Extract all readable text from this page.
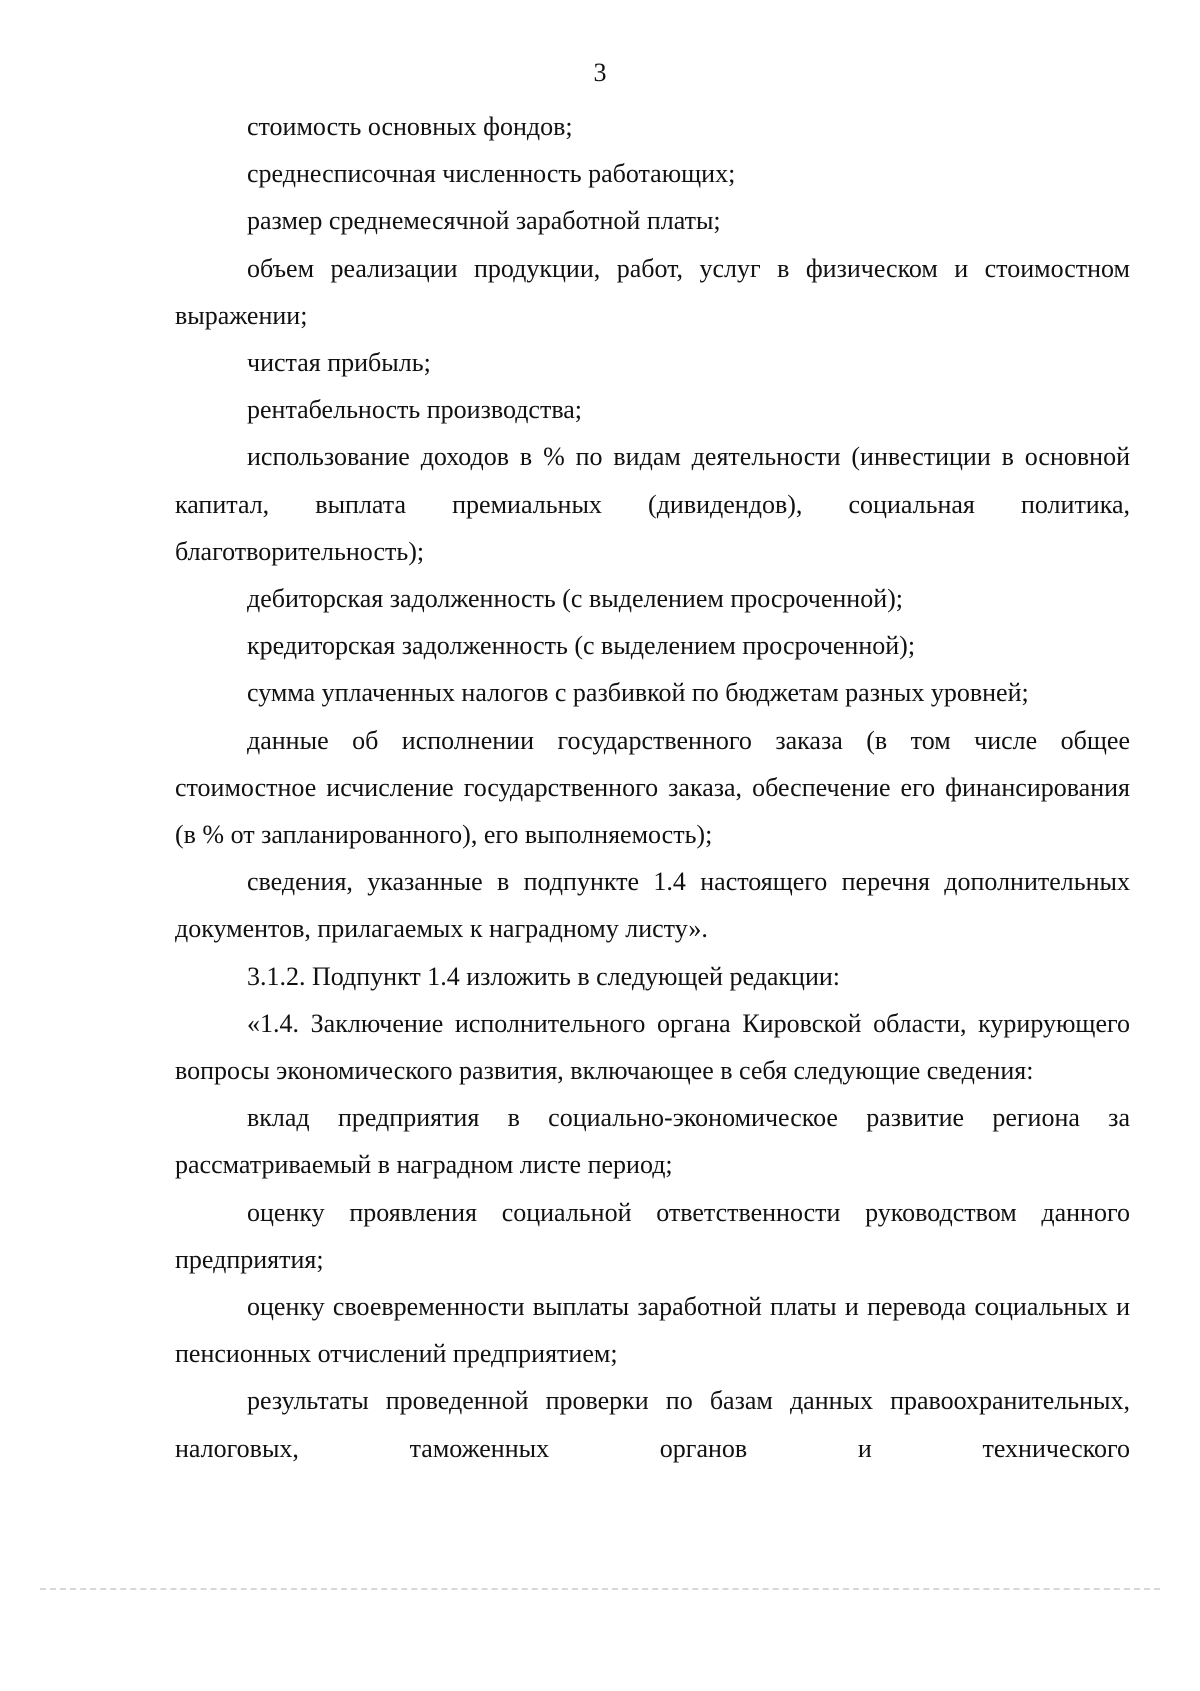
3

стоимость основных фондов;

среднесписочная численность работающих;

размер среднемесячной заработной платы;

объем реализации продукции, работ, услуг в физическом и стоимостном выражении;

чистая прибыль;

рентабельность производства;

использование доходов в % по видам деятельности (инвестиции в основной капитал, выплата премиальных (дивидендов), социальная политика, благотворительность);

дебиторская задолженность (с выделением просроченной);

кредиторская задолженность (с выделением просроченной);

сумма уплаченных налогов с разбивкой по бюджетам разных уровней;

данные об исполнении государственного заказа (в том числе общее стоимостное исчисление государственного заказа, обеспечение его финансирования (в % от запланированного), его выполняемость);

сведения, указанные в подпункте 1.4 настоящего перечня дополнительных документов, прилагаемых к наградному листу».

3.1.2. Подпункт 1.4 изложить в следующей редакции:

«1.4. Заключение исполнительного органа Кировской области, курирующего вопросы экономического развития, включающее в себя следующие сведения:

вклад предприятия в социально-экономическое развитие региона за рассматриваемый в наградном листе период;

оценку проявления социальной ответственности руководством данного предприятия;

оценку своевременности выплаты заработной платы и перевода социальных и пенсионных отчислений предприятием;

результаты проведенной проверки по базам данных правоохранительных, налоговых, таможенных органов и технического
